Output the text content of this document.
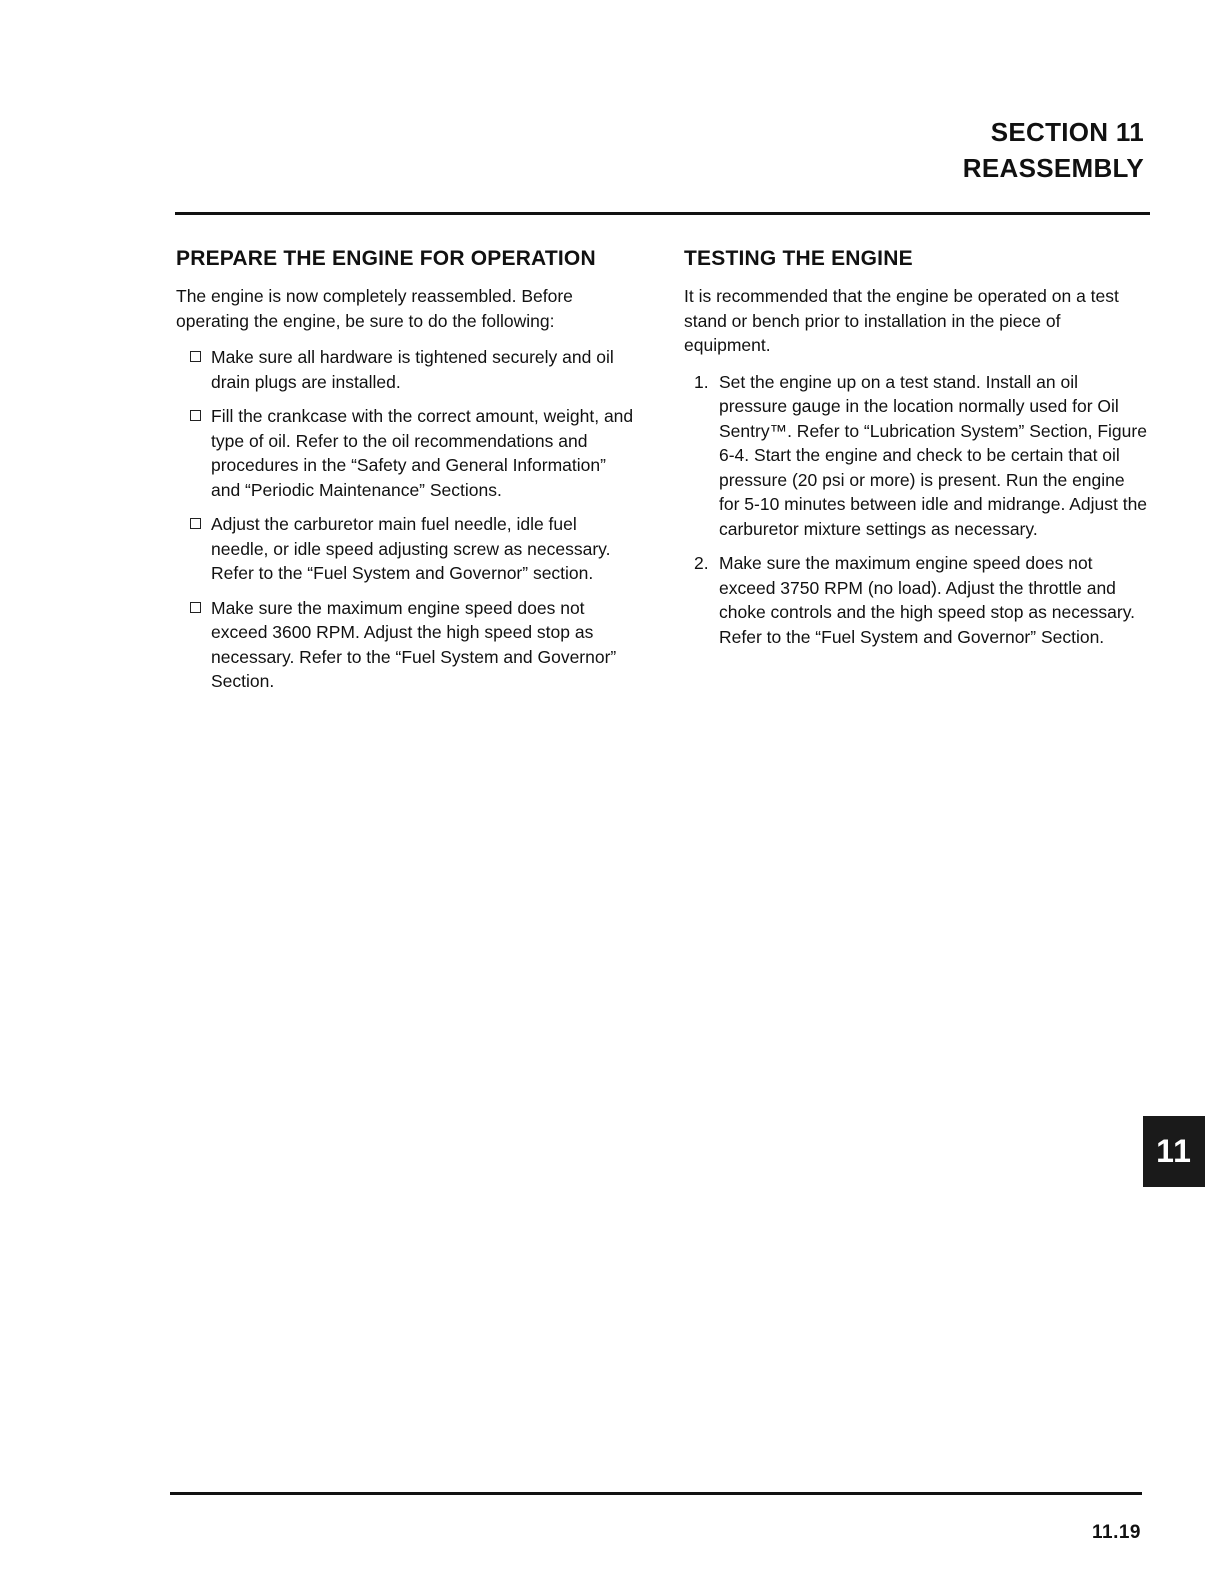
SECTION 11
REASSEMBLY
PREPARE THE ENGINE FOR OPERATION

The engine is now completely reassembled. Before operating the engine, be sure to do the following:

Make sure all hardware is tightened securely and oil drain plugs are installed.
Fill the crankcase with the correct amount, weight, and type of oil. Refer to the oil recommendations and procedures in the “Safety and General Information” and “Periodic Maintenance” Sections.
Adjust the carburetor main fuel needle, idle fuel needle, or idle speed adjusting screw as necessary. Refer to the “Fuel System and Governor” section.
Make sure the maximum engine speed does not exceed 3600 RPM. Adjust the high speed stop as necessary. Refer to the “Fuel System and Governor” Section.
TESTING THE ENGINE

It is recommended that the engine be operated on a test stand or bench prior to installation in the piece of equipment.

1. Set the engine up on a test stand. Install an oil pressure gauge in the location normally used for Oil Sentry™. Refer to “Lubrication System” Section, Figure 6-4. Start the engine and check to be certain that oil pressure (20 psi or more) is present. Run the engine for 5-10 minutes between idle and midrange. Adjust the carburetor mixture settings as necessary.
2. Make sure the maximum engine speed does not exceed 3750 RPM (no load). Adjust the throttle and choke controls and the high speed stop as necessary. Refer to the “Fuel System and Governor” Section.
11
11.19
